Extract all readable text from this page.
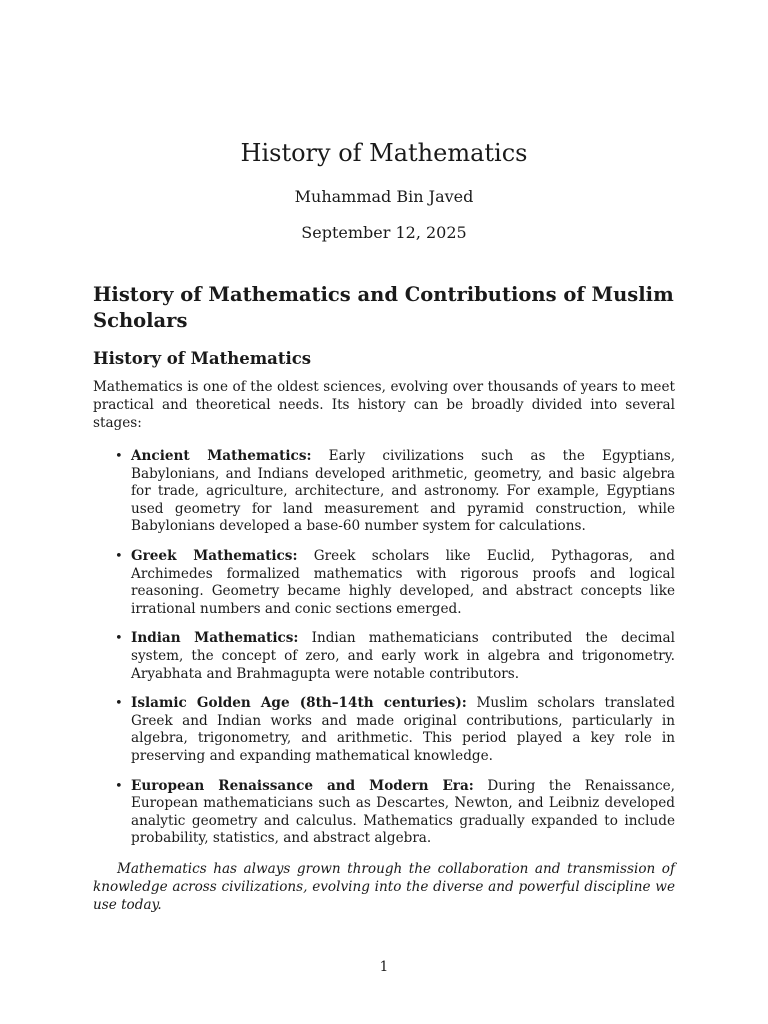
History of Mathematics
Muhammad Bin Javed
September 12, 2025
History of Mathematics and Contributions of Muslim Scholars
History of Mathematics

Mathematics is one of the oldest sciences, evolving over thousands of years to meet practical and theoretical needs. Its history can be broadly divided into several stages:

• Ancient Mathematics: Early civilizations such as the Egyptians, Babylonians, and Indians developed arithmetic, geometry, and basic algebra for trade, agriculture, architecture, and astronomy. For example, Egyptians used geometry for land measurement and pyramid construction, while Babylonians developed a base-60 number system for calculations.
• Greek Mathematics: Greek scholars like Euclid, Pythagoras, and Archimedes formalized mathematics with rigorous proofs and logical reasoning. Geometry became highly developed, and abstract concepts like irrational numbers and conic sections emerged.
• Indian Mathematics: Indian mathematicians contributed the decimal system, the concept of zero, and early work in algebra and trigonometry. Aryabhata and Brahmagupta were notable contributors.
• Islamic Golden Age (8th–14th centuries): Muslim scholars translated Greek and Indian works and made original contributions, particularly in algebra, trigonometry, and arithmetic. This period played a key role in preserving and expanding mathematical knowledge.
• European Renaissance and Modern Era: During the Renaissance, European mathematicians such as Descartes, Newton, and Leibniz developed analytic geometry and calculus. Mathematics gradually expanded to include probability, statistics, and abstract algebra.

Mathematics has always grown through the collaboration and transmission of knowledge across civilizations, evolving into the diverse and powerful discipline we use today.

1
